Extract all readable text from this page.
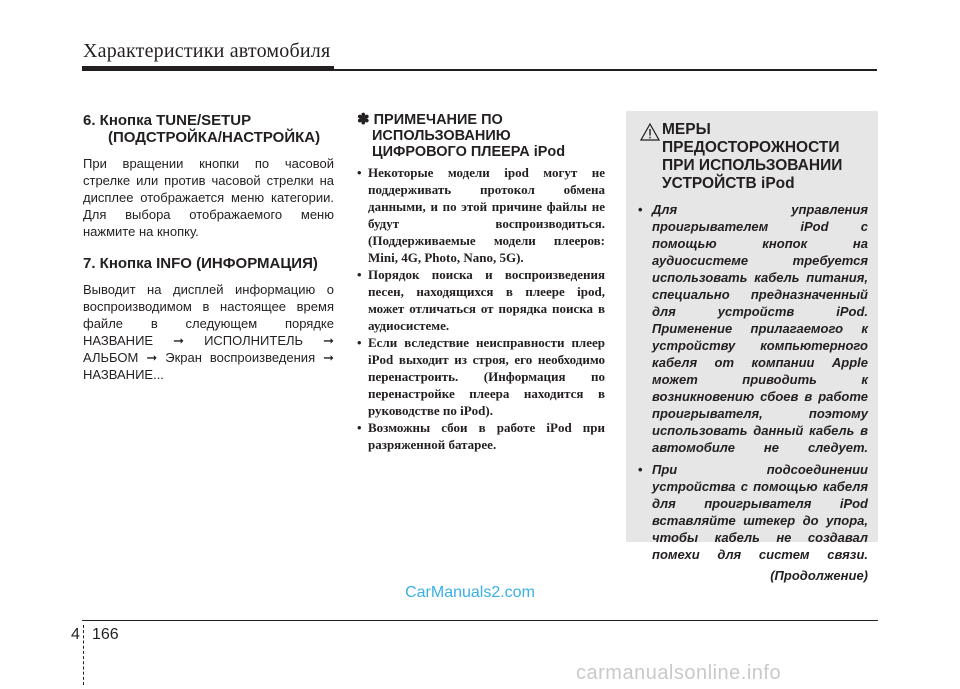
Характеристики автомобиля
6. Кнопка TUNE/SETUP (ПОДСТРОЙКА/НАСТРОЙКА)
При вращении кнопки по часовой стрелке или против часовой стрелки на дисплее отображается меню категории. Для выбора отображаемого меню нажмите на кнопку.
7. Кнопка INFO (ИНФОРМАЦИЯ)
Выводит на дисплей информацию о воспроизводимом в настоящее время файле в следующем порядке НАЗВАНИЕ ➞ ИСПОЛНИТЕЛЬ ➞ АЛЬБОМ ➞ Экран воспроизведения ➞ НАЗВАНИЕ...
✽ ПРИМЕЧАНИЕ ПО ИСПОЛЬЗОВАНИЮ ЦИФРОВОГО ПЛЕЕРА iPod
• Некоторые модели ipod могут не поддерживать протокол обмена данными, и по этой причине файлы не будут воспроизводиться. (Поддерживаемые модели плееров: Mini, 4G, Photo, Nano, 5G).
• Порядок поиска и воспроизведения песен, находящихся в плеере ipod, может отличаться от порядка поиска в аудиосистеме.
• Если вследствие неисправности плеер iPod выходит из строя, его необходимо перенастроить. (Информация по перенастройке плеера находится в руководстве по iPod).
• Возможны сбои в работе iPod при разряженной батарее.
МЕРЫ ПРЕДОСТОРОЖНОСТИ ПРИ ИСПОЛЬЗОВАНИИ УСТРОЙСТВ iPod
• Для управления проигрывателем iPod с помощью кнопок на аудиосистеме требуется использовать кабель питания, специально предназначенный для устройств iPod. Применение прилагаемого к устройству компьютерного кабеля от компании Apple может приводить к возникновению сбоев в работе проигрывателя, поэтому использовать данный кабель в
автомобиле не следует.
• При подсоединении устройства с помощью кабеля для проигрывателя iPod вставляйте штекер до упора, чтобы кабель не создавал
помехи для систем связи.
(Продолжение)
CarManuals2.com
4 166
carmanualsonline.info
